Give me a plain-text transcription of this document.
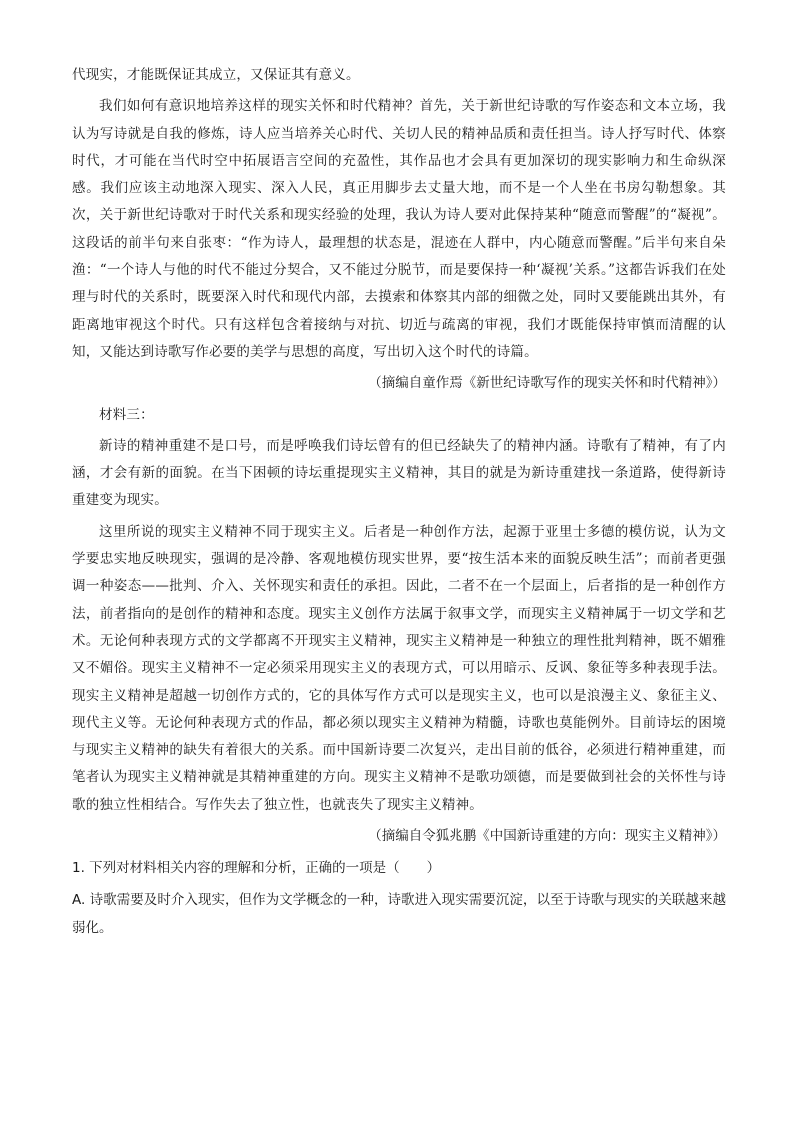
代现实，才能既保证其成立，又保证其有意义。

我们如何有意识地培养这样的现实关怀和时代精神？首先，关于新世纪诗歌的写作姿态和文本立场，我认为写诗就是自我的修炼，诗人应当培养关心时代、关切人民的精神品质和责任担当。诗人抒写时代、体察时代，才可能在当代时空中拓展语言空间的充盈性，其作品也才会具有更加深切的现实影响力和生命纵深感。我们应该主动地深入现实、深入人民，真正用脚步去丈量大地，而不是一个人坐在书房勾勒想象。其次，关于新世纪诗歌对于时代关系和现实经验的处理，我认为诗人要对此保持某种“随意而警醒”的“凝视”。这段话的前半句来自张枣：“作为诗人，最理想的状态是，混迹在人群中，内心随意而警醒。”后半句来自朵渔：“一个诗人与他的时代不能过分契合，又不能过分脱节，而是要保持一种‘凝视’关系。”这都告诉我们在处理与时代的关系时，既要深入时代和现代内部，去摸索和体察其内部的细微之处，同时又要能跳出其外，有距离地审视这个时代。只有这样包含着接纳与对抗、切近与疏离的审视，我们才既能保持审慎而清醒的认知，又能达到诗歌写作必要的美学与思想的高度，写出切入这个时代的诗篇。

（摘编自童作焉《新世纪诗歌写作的现实关怀和时代精神》）

材料三：

新诗的精神重建不是口号，而是呼唤我们诗坛曾有的但已经缺失了的精神内涵。诗歌有了精神，有了内涵，才会有新的面貌。在当下困顿的诗坛重提现实主义精神，其目的就是为新诗重建找一条道路，使得新诗重建变为现实。

这里所说的现实主义精神不同于现实主义。后者是一种创作方法，起源于亚里士多德的模仿说，认为文学要忠实地反映现实，强调的是冷静、客观地模仿现实世界，要“按生活本来的面貌反映生活”；而前者更强调一种姿态——批判、介入、关怀现实和责任的承担。因此，二者不在一个层面上，后者指的是一种创作方法，前者指向的是创作的精神和态度。现实主义创作方法属于叙事文学，而现实主义精神属于一切文学和艺术。无论何种表现方式的文学都离不开现实主义精神，现实主义精神是一种独立的理性批判精神，既不媚雅又不媚俗。现实主义精神不一定必须采用现实主义的表现方式，可以用暗示、反讽、象征等多种表现手法。现实主义精神是超越一切创作方式的，它的具体写作方式可以是现实主义，也可以是浪漫主义、象征主义、现代主义等。无论何种表现方式的作品，都必须以现实主义精神为精髓，诗歌也莫能例外。目前诗坛的困境与现实主义精神的缺失有着很大的关系。而中国新诗要二次复兴，走出目前的低谷，必须进行精神重建，而笔者认为现实主义精神就是其精神重建的方向。现实主义精神不是歌功颂德，而是要做到社会的关怀性与诗歌的独立性相结合。写作失去了独立性，也就丧失了现实主义精神。

（摘编自令狐兆鹏《中国新诗重建的方向：现实主义精神》）

1. 下列对材料相关内容的理解和分析，正确的一项是（　　）

A. 诗歌需要及时介入现实，但作为文学概念的一种，诗歌进入现实需要沉淀，以至于诗歌与现实的关联越来越弱化。
